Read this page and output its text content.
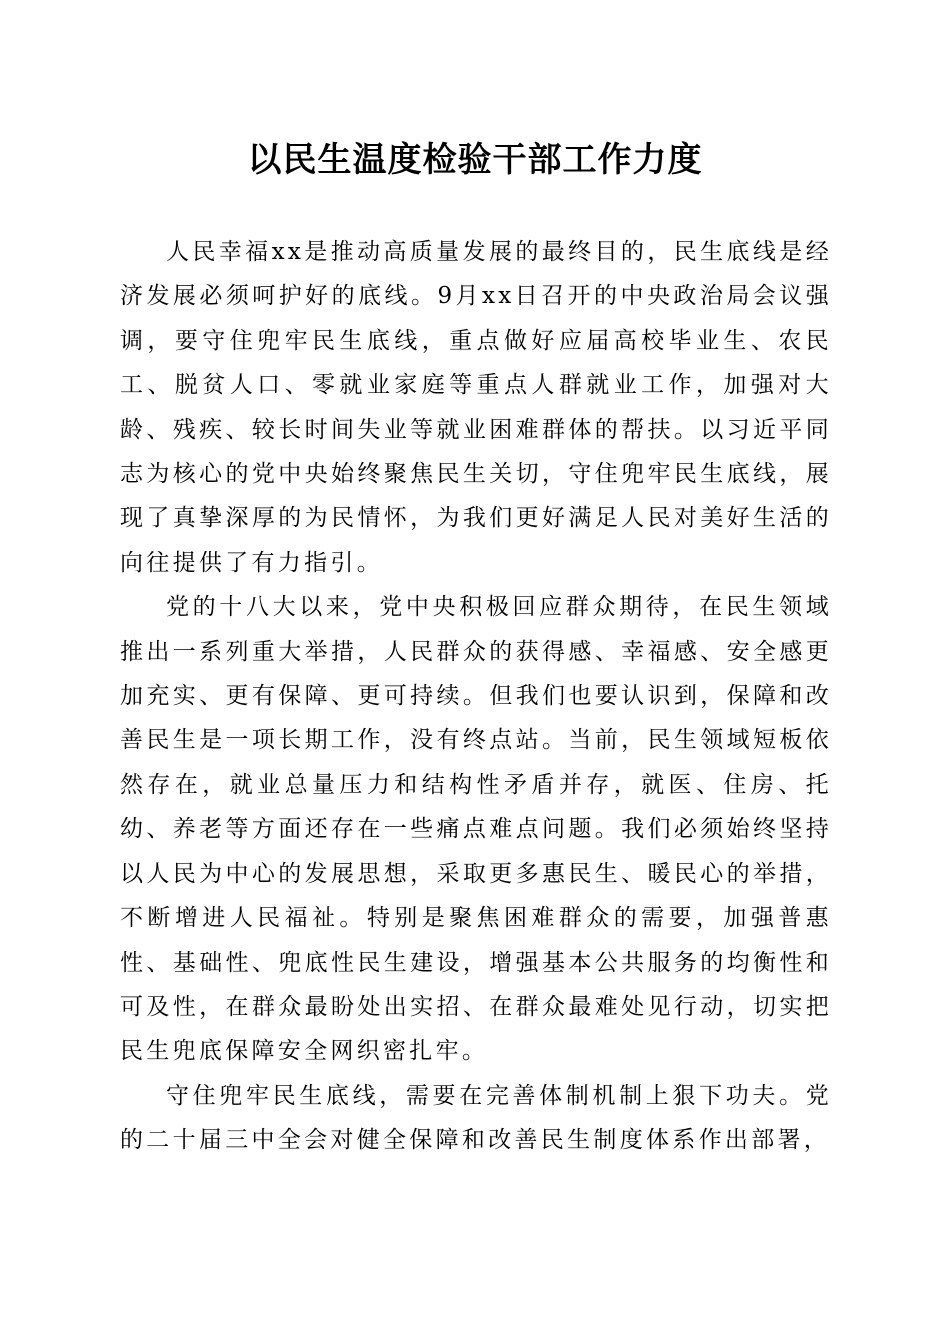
以民生温度检验干部工作力度

人民幸福xx是推动高质量发展的最终目的，民生底线是经济发展必须呵护好的底线。9月xx日召开的中央政治局会议强调，要守住兜牢民生底线，重点做好应届高校毕业生、农民工、脱贫人口、零就业家庭等重点人群就业工作，加强对大龄、残疾、较长时间失业等就业困难群体的帮扶。以习近平同志为核心的党中央始终聚焦民生关切，守住兜牢民生底线，展现了真挚深厚的为民情怀，为我们更好满足人民对美好生活的向往提供了有力指引。

党的十八大以来，党中央积极回应群众期待，在民生领域推出一系列重大举措，人民群众的获得感、幸福感、安全感更加充实、更有保障、更可持续。但我们也要认识到，保障和改善民生是一项长期工作，没有终点站。当前，民生领域短板依然存在，就业总量压力和结构性矛盾并存，就医、住房、托幼、养老等方面还存在一些痛点难点问题。我们必须始终坚持以人民为中心的发展思想，采取更多惠民生、暖民心的举措，不断增进人民福祉。特别是聚焦困难群众的需要，加强普惠性、基础性、兜底性民生建设，增强基本公共服务的均衡性和可及性，在群众最盼处出实招、在群众最难处见行动，切实把民生兜底保障安全网织密扎牢。

守住兜牢民生底线，需要在完善体制机制上狠下功夫。党的二十届三中全会对健全保障和改善民生制度体系作出部署，
